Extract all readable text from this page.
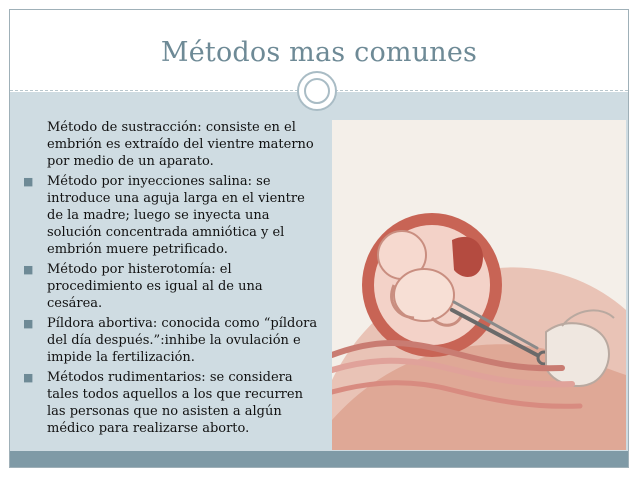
Métodos mas comunes
Método de sustracción: consiste en el embrión es extraído del vientre materno por medio de un aparato.
■ Método por inyecciones salina: se introduce una aguja larga en el vientre de la madre; luego se inyecta una solución concentrada amniótica y el embrión muere petrificado.
■ Método por histerotomía: el procedimiento es igual al de una cesárea.
■ Píldora abortiva: conocida como “píldora del día después.”:inhibe la ovulación e impide la fertilización.
■ Métodos rudimentarios: se considera tales todos aquellos a los que recurren las personas que no asisten a algún médico para realizarse aborto.
